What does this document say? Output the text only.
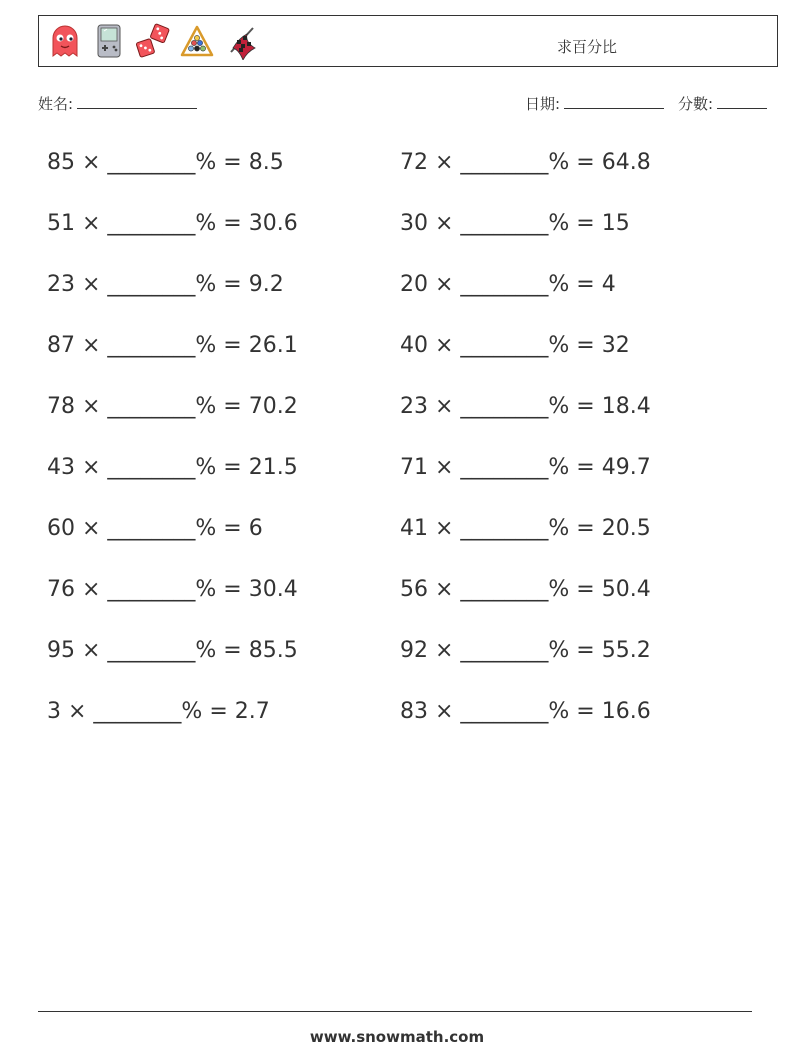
求百分比
姓名:	日期:	分數:
85 × ________% = 8.5	72 × ________% = 64.8
51 × ________% = 30.6	30 × ________% = 15
23 × ________% = 9.2	20 × ________% = 4
87 × ________% = 26.1	40 × ________% = 32
78 × ________% = 70.2	23 × ________% = 18.4
43 × ________% = 21.5	71 × ________% = 49.7
60 × ________% = 6	41 × ________% = 20.5
76 × ________% = 30.4	56 × ________% = 50.4
95 × ________% = 85.5	92 × ________% = 55.2
3 × ________% = 2.7	83 × ________% = 16.6
www.snowmath.com
